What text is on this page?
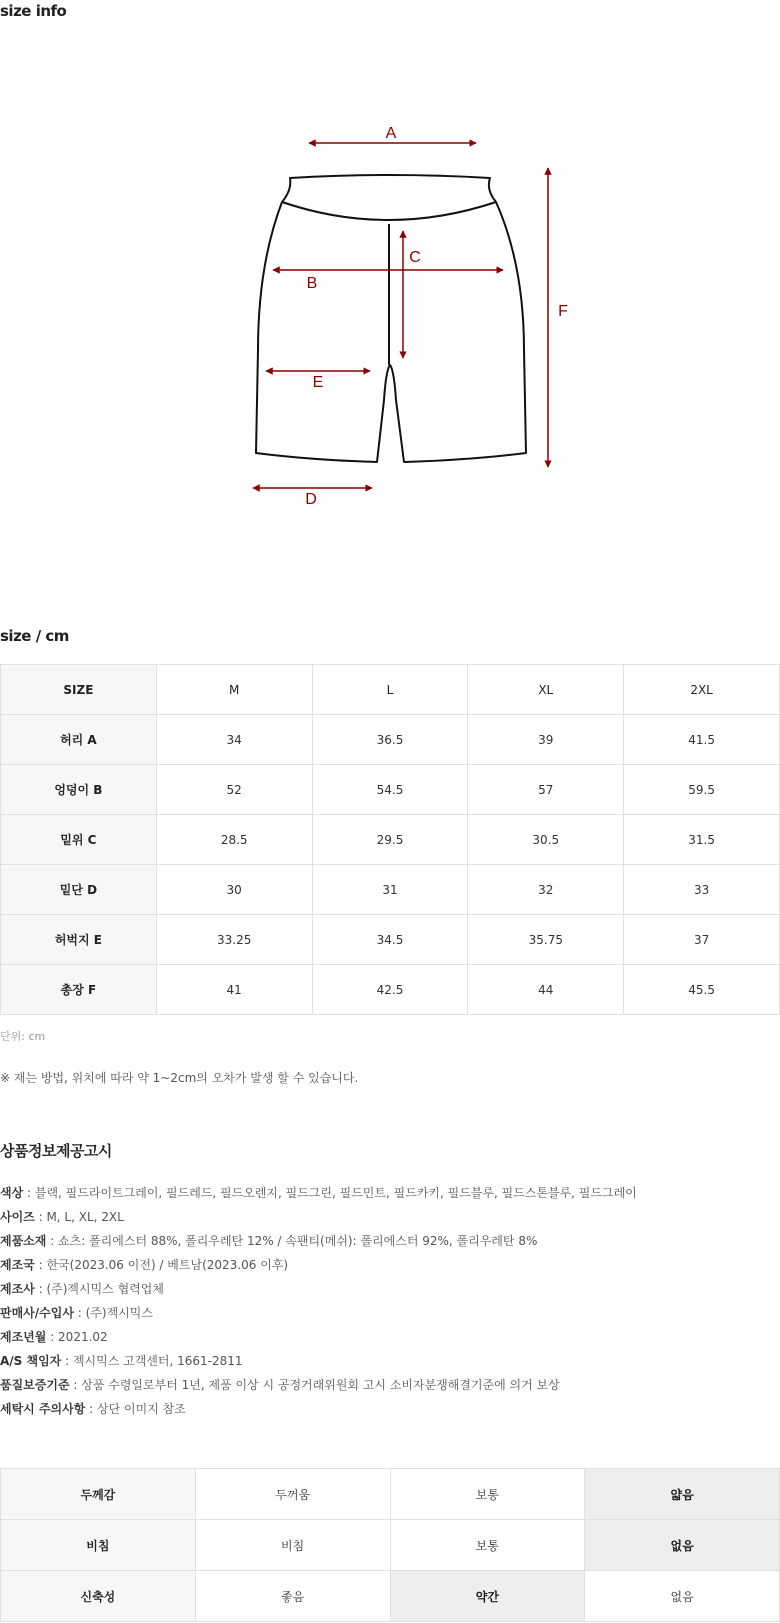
size info
A
B
C
D
E
F
size / cm
SIZE	M	L	XL	2XL
허리 A	34	36.5	39	41.5
엉덩이 B	52	54.5	57	59.5
밑위 C	28.5	29.5	30.5	31.5
밑단 D	30	31	32	33
허벅지 E	33.25	34.5	35.75	37
총장 F	41	42.5	44	45.5
단위: cm
※ 재는 방법, 위치에 따라 약 1~2cm의 오차가 발생 할 수 있습니다.
상품정보제공고시
색상 : 블랙, 필드라이트그레이, 필드레드, 필드오렌지, 필드그린, 필드민트, 필드카키, 필드블루, 필드스톤블루, 필드그레이
사이즈 : M, L, XL, 2XL
제품소재 : 쇼츠: 폴리에스터 88%, 폴리우레탄 12% / 속팬티(메쉬): 폴리에스터 92%, 폴리우레탄 8%
제조국 : 한국(2023.06 이전) / 베트남(2023.06 이후)
제조사 : (주)젝시믹스 협력업체
판매사/수입사 : (주)젝시믹스
제조년월 : 2021.02
A/S 책임자 : 젝시믹스 고객센터, 1661-2811
품질보증기준 : 상품 수령일로부터 1년, 제품 이상 시 공정거래위원회 고시 소비자분쟁해결기준에 의거 보상
세탁시 주의사항 : 상단 이미지 참조
두께감	두꺼움	보통	얇음
비침	비침	보통	없음
신축성	좋음	약간	없음
